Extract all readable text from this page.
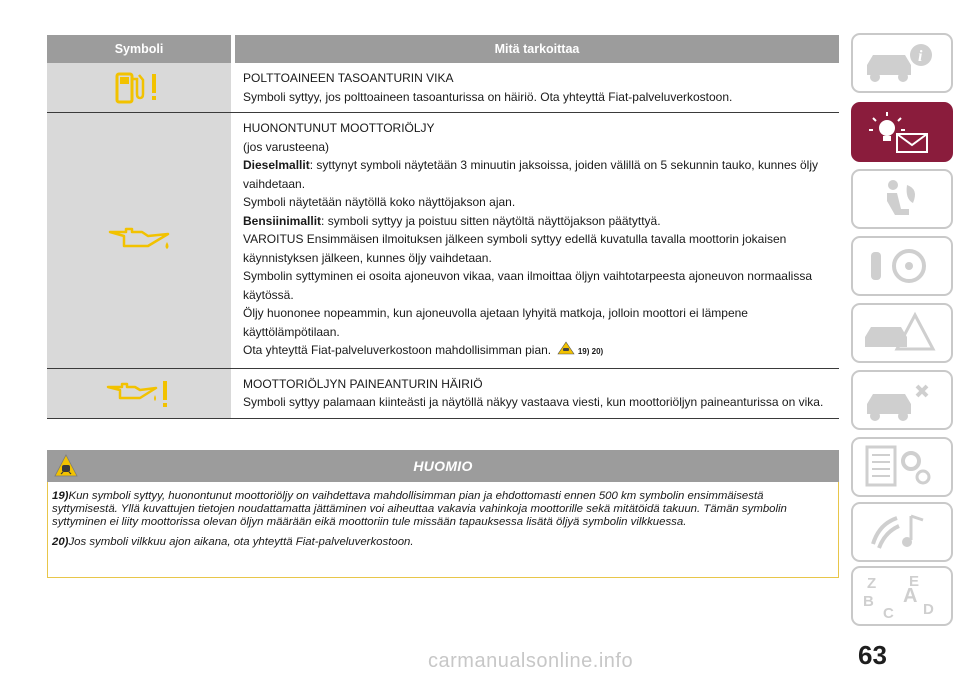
Symboli	Mitä tarkoittaa

POLTTOAINEEN TASOANTURIN VIKA

Symboli syttyy, jos polttoaineen tasoanturissa on häiriö. Ota yhteyttä Fiat-palveluverkostoon.

HUONONTUNUT MOOTTORIÖLJY

(jos varusteena)

Dieselmallit: syttynyt symboli näytetään 3 minuutin jaksoissa, joiden välillä on 5 sekunnin tauko, kunnes öljy vaihdetaan.

Symboli näytetään näytöllä koko näyttöjakson ajan.

Bensiinimallit: symboli syttyy ja poistuu sitten näytöltä näyttöjakson päätyttyä.

VAROITUS Ensimmäisen ilmoituksen jälkeen symboli syttyy edellä kuvatulla tavalla moottorin jokaisen käynnistyksen jälkeen, kunnes öljy vaihdetaan.

Symbolin syttyminen ei osoita ajoneuvon vikaa, vaan ilmoittaa öljyn vaihtotarpeesta ajoneuvon normaalissa käytössä.

Öljy huononee nopeammin, kun ajoneuvolla ajetaan lyhyitä matkoja, jolloin moottori ei lämpene käyttölämpötilaan.

Ota yhteyttä Fiat-palveluverkostoon mahdollisimman pian.	19) 20)

MOOTTORIÖLJYN PAINEANTURIN HÄIRIÖ

Symboli syttyy palamaan kiinteästi ja näytöllä näkyy vastaava viesti, kun moottoriöljyn paineanturissa on vika.

HUOMIO

19)Kun symboli syttyy, huonontunut moottoriöljy on vaihdettava mahdollisimman pian ja ehdottomasti ennen 500 km symbolin ensimmäisestä syttymisestä. Yllä kuvattujen tietojen noudattamatta jättäminen voi aiheuttaa vakavia vahinkoja moottorille sekä mitätöidä takuun. Tämän symbolin syttyminen ei liity moottorissa olevan öljyn määrään eikä moottoriin tule missään tapauksessa lisätä öljyä symbolin vilkkuessa.

20)Jos symboli vilkkuu ajon aikana, ota yhteyttä Fiat-palveluverkostoon.

i
Z E
B A
C D
63
carmanualsonline.info
